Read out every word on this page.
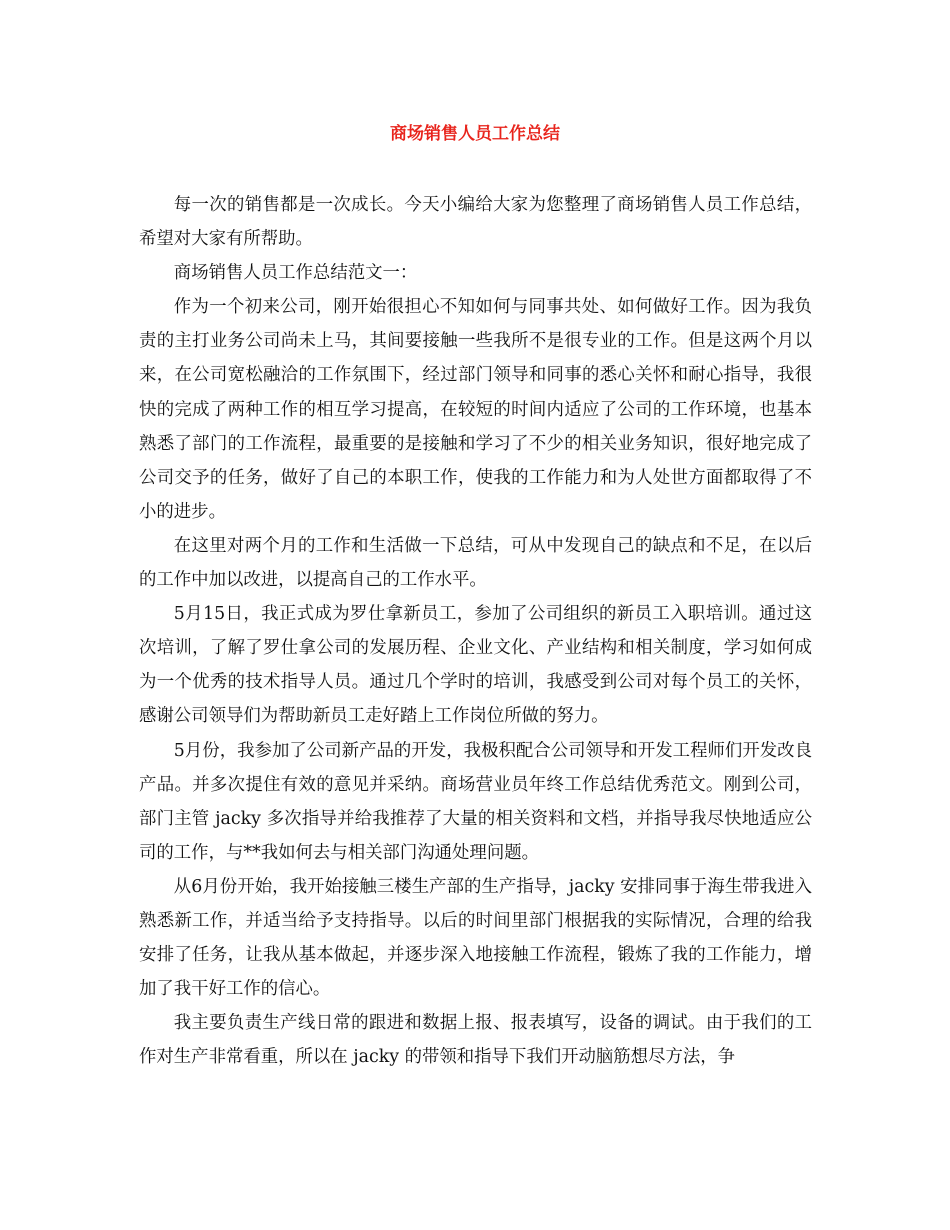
商场销售人员工作总结

每一次的销售都是一次成长。今天小编给大家为您整理了商场销售人员工作总结，希望对大家有所帮助。

商场销售人员工作总结范文一：

作为一个初来公司，刚开始很担心不知如何与同事共处、如何做好工作。因为我负责的主打业务公司尚未上马，其间要接触一些我所不是很专业的工作。但是这两个月以来，在公司宽松融洽的工作氛围下，经过部门领导和同事的悉心关怀和耐心指导，我很快的完成了两种工作的相互学习提高，在较短的时间内适应了公司的工作环境，也基本熟悉了部门的工作流程，最重要的是接触和学习了不少的相关业务知识，很好地完成了公司交予的任务，做好了自己的本职工作，使我的工作能力和为人处世方面都取得了不小的进步。

在这里对两个月的工作和生活做一下总结，可从中发现自己的缺点和不足，在以后的工作中加以改进，以提高自己的工作水平。

5月15日，我正式成为罗仕拿新员工，参加了公司组织的新员工入职培训。通过这次培训，了解了罗仕拿公司的发展历程、企业文化、产业结构和相关制度，学习如何成为一个优秀的技术指导人员。通过几个学时的培训，我感受到公司对每个员工的关怀，感谢公司领导们为帮助新员工走好踏上工作岗位所做的努力。

5月份，我参加了公司新产品的开发，我极积配合公司领导和开发工程师们开发改良产品。并多次提住有效的意见并采纳。商场营业员年终工作总结优秀范文。刚到公司，部门主管 jacky 多次指导并给我推荐了大量的相关资料和文档，并指导我尽快地适应公司的工作，与**我如何去与相关部门沟通处理问题。

从6月份开始，我开始接触三楼生产部的生产指导，jacky 安排同事于海生带我进入熟悉新工作，并适当给予支持指导。以后的时间里部门根据我的实际情况，合理的给我安排了任务，让我从基本做起，并逐步深入地接触工作流程，锻炼了我的工作能力，增加了我干好工作的信心。

我主要负责生产线日常的跟进和数据上报、报表填写，设备的调试。由于我们的工作对生产非常看重，所以在 jacky 的带领和指导下我们开动脑筋想尽方法，争
